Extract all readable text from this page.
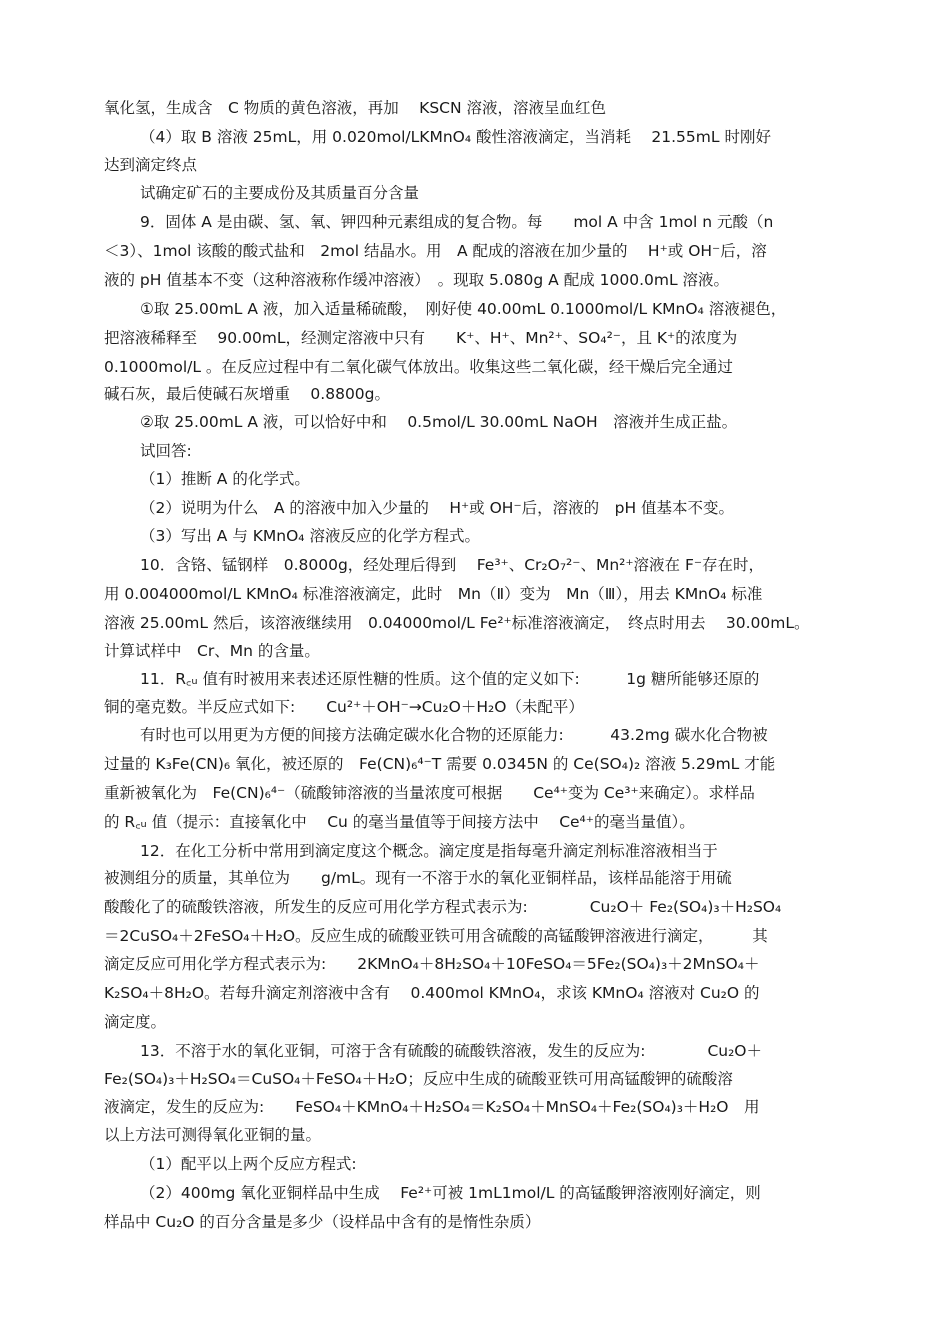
氧化氢，生成含　C 物质的黄色溶液，再加　 KSCN 溶液，溶液呈血红色
（4）取 B 溶液 25mL，用 0.020mol/LKMnO₄ 酸性溶液滴定，当消耗　 21.55mL 时刚好
达到滴定终点
试确定矿石的主要成份及其质量百分含量
9．固体 A 是由碳、氢、氧、钾四种元素组成的复合物。每　　mol A 中含 1mol n 元酸（n
＜3）、1mol 该酸的酸式盐和　2mol 结晶水。用　A 配成的溶液在加少量的　 H⁺或 OH⁻后，溶
液的 pH 值基本不变（这种溶液称作缓冲溶液）　。现取 5.080g A 配成 1000.0mL 溶液。
①取 25.00mL A 液，加入适量稀硫酸，　刚好使 40.00mL 0.1000mol/L KMnO₄ 溶液褪色，
把溶液稀释至　 90.00mL，经测定溶液中只有　　K⁺、H⁺、Mn²⁺、SO₄²⁻，且 K⁺的浓度为
0.1000mol/L 。在反应过程中有二氧化碳气体放出。收集这些二氧化碳，经干燥后完全通过
碱石灰，最后使碱石灰增重　 0.8800g。
②取 25.00mL A 液，可以恰好中和　 0.5mol/L 30.00mL NaOH　溶液并生成正盐。
试回答:
（1）推断 A 的化学式。
（2）说明为什么　A 的溶液中加入少量的　 H⁺或 OH⁻后，溶液的　pH 值基本不变。
（3）写出 A 与 KMnO₄ 溶液反应的化学方程式。
10．含铬、锰钢样　0.8000g，经处理后得到　 Fe³⁺、Cr₂O₇²⁻、Mn²⁺溶液在 F⁻存在时，
用 0.004000mol/L KMnO₄ 标准溶液滴定，此时　Mn（Ⅱ）变为　Mn（Ⅲ），用去 KMnO₄ 标准
溶液 25.00mL 然后，该溶液继续用　0.04000mol/L Fe²⁺标准溶液滴定，　终点时用去　 30.00mL。
计算试样中　Cr、Mn 的含量。
11．R꜀ᵤ 值有时被用来表述还原性糖的性质。这个值的定义如下:　　　1g 糖所能够还原的
铜的毫克数。半反应式如下:　　Cu²⁺＋OH⁻→Cu₂O＋H₂O（未配平）
有时也可以用更为方便的间接方法确定碳水化合物的还原能力:　　　43.2mg 碳水化合物被
过量的 K₃Fe(CN)₆ 氧化，被还原的　Fe(CN)₆⁴⁻T 需要 0.0345N 的 Ce(SO₄)₂ 溶液 5.29mL 才能
重新被氧化为　Fe(CN)₆⁴⁻（硫酸铈溶液的当量浓度可根据　　Ce⁴⁺变为 Ce³⁺来确定）。求样品
的 R꜀ᵤ 值（提示：直接氧化中　 Cu 的毫当量值等于间接方法中　 Ce⁴⁺的毫当量值）。
12．在化工分析中常用到滴定度这个概念。滴定度是指每毫升滴定剂标准溶液相当于
被测组分的质量，其单位为　　g/mL。现有一不溶于水的氧化亚铜样品，该样品能溶于用硫
酸酸化了的硫酸铁溶液，所发生的反应可用化学方程式表示为:　　　　Cu₂O＋ Fe₂(SO₄)₃＋H₂SO₄
＝2CuSO₄＋2FeSO₄＋H₂O。反应生成的硫酸亚铁可用含硫酸的高锰酸钾溶液进行滴定，　　　其
滴定反应可用化学方程式表示为:　　2KMnO₄＋8H₂SO₄＋10FeSO₄＝5Fe₂(SO₄)₃＋2MnSO₄＋
K₂SO₄＋8H₂O。若每升滴定剂溶液中含有　 0.400mol KMnO₄，求该 KMnO₄ 溶液对 Cu₂O 的
滴定度。
13．不溶于水的氧化亚铜，可溶于含有硫酸的硫酸铁溶液，发生的反应为:　　　　Cu₂O＋
Fe₂(SO₄)₃＋H₂SO₄＝CuSO₄＋FeSO₄＋H₂O；反应中生成的硫酸亚铁可用高锰酸钾的硫酸溶
液滴定，发生的反应为:　　FeSO₄＋KMnO₄＋H₂SO₄＝K₂SO₄＋MnSO₄＋Fe₂(SO₄)₃＋H₂O　用
以上方法可测得氧化亚铜的量。
（1）配平以上两个反应方程式:
（2）400mg 氧化亚铜样品中生成　 Fe²⁺可被 1mL1mol/L 的高锰酸钾溶液刚好滴定，则
样品中 Cu₂O 的百分含量是多少（设样品中含有的是惰性杂质）
